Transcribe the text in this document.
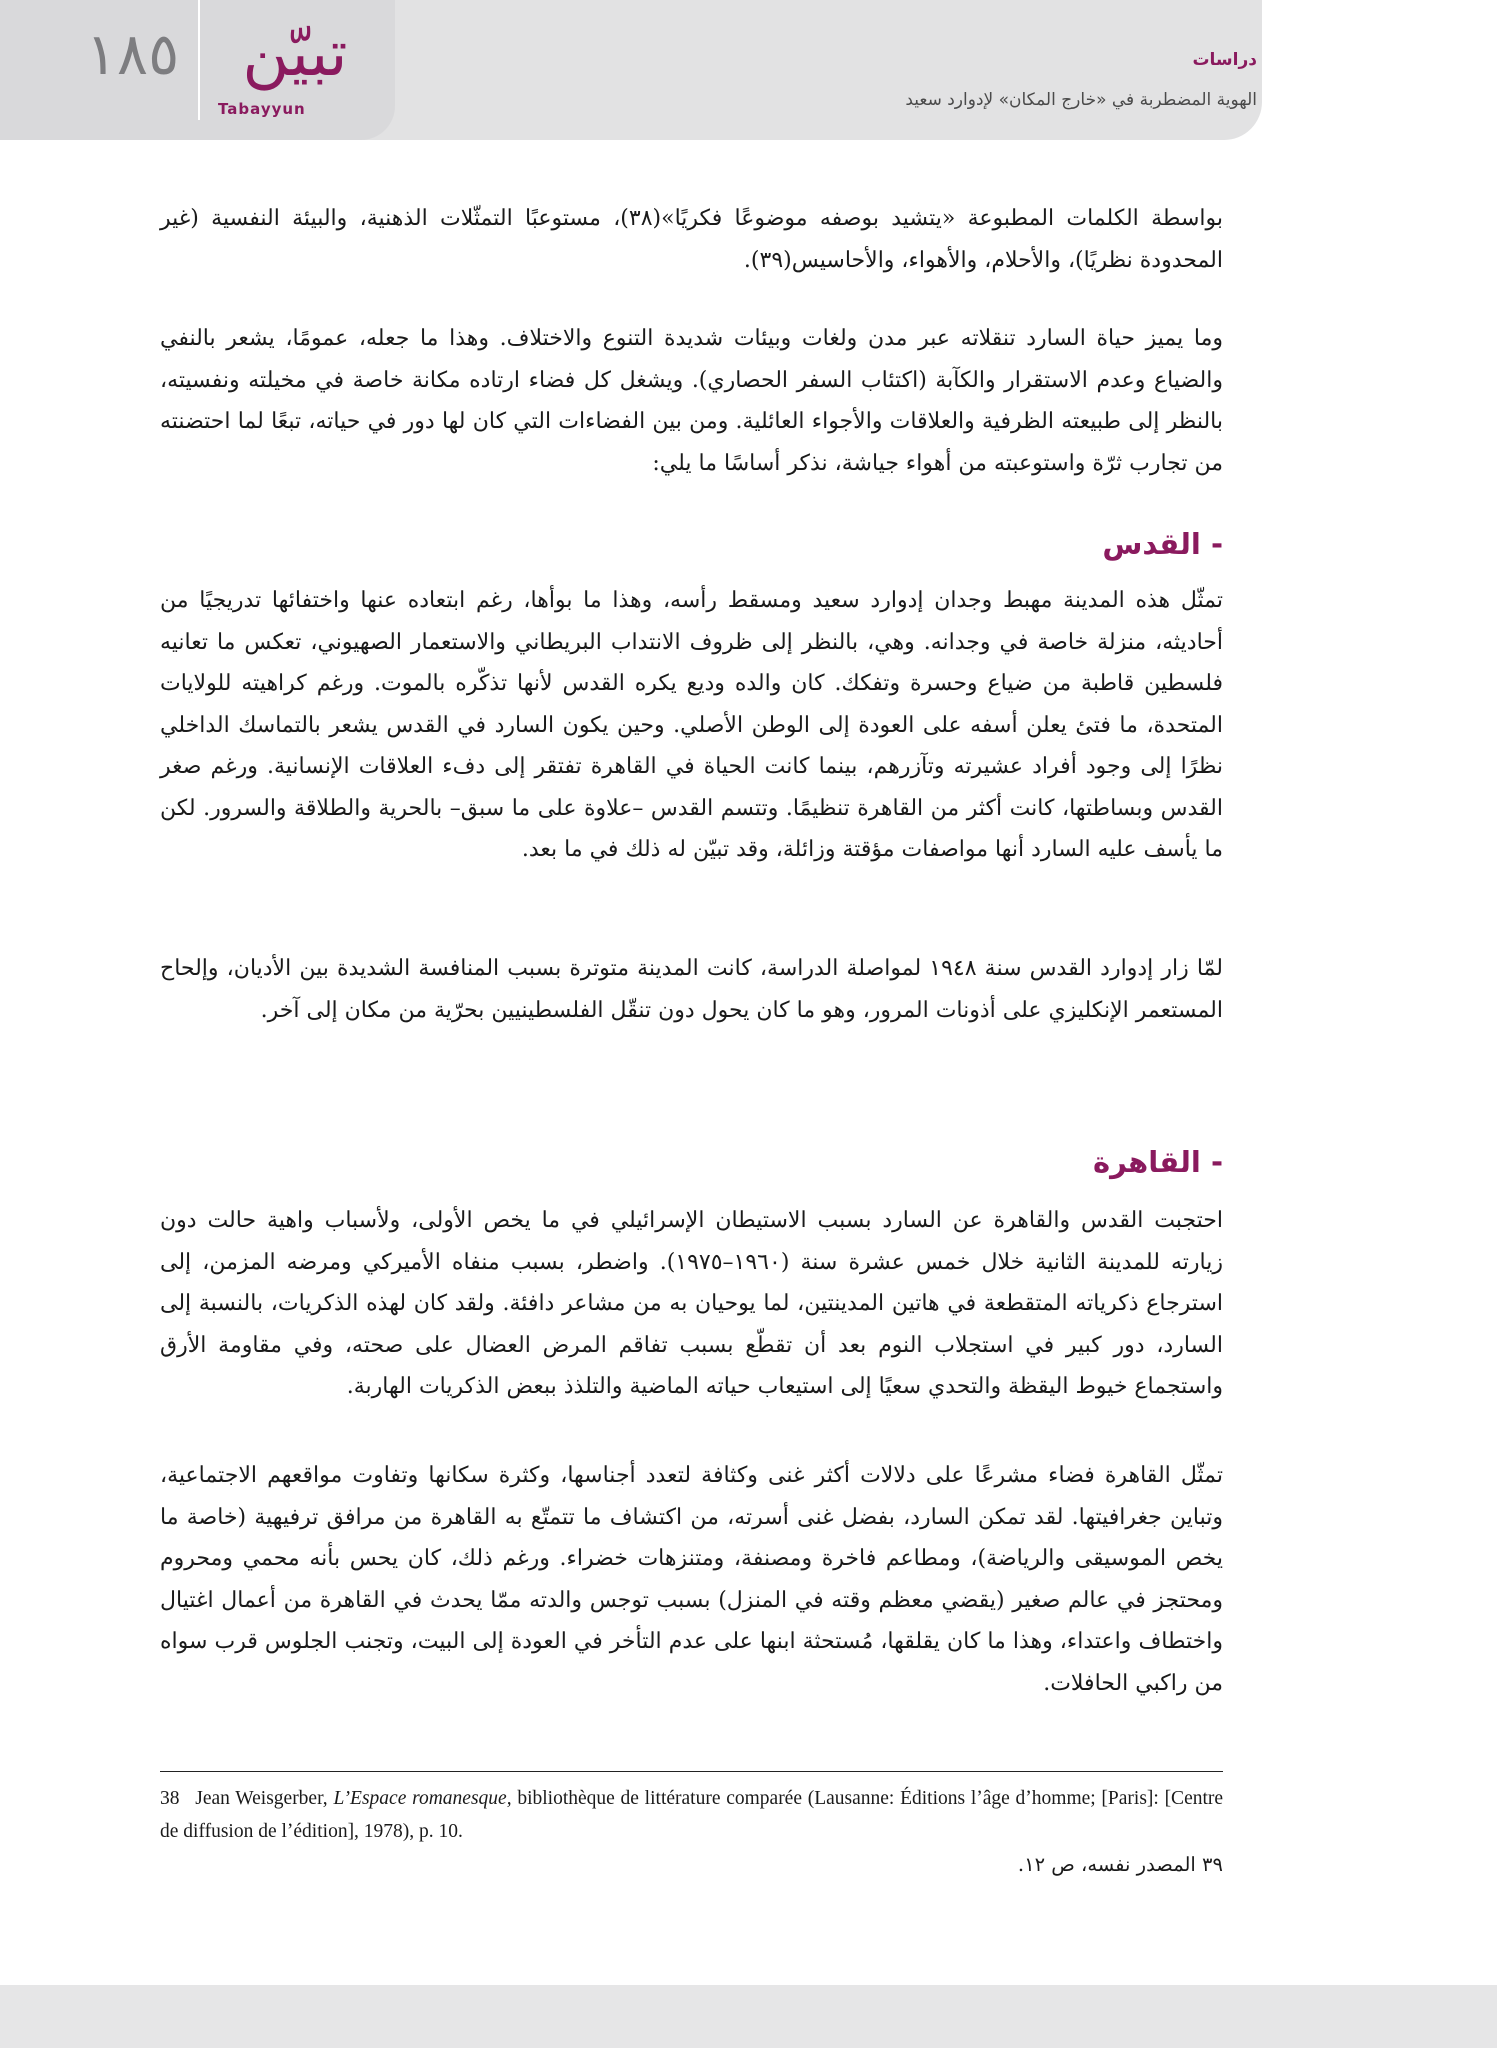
١٨٥ تبيّن
Tabayyun
دراسات
الهوية المضطربة في «خارج المكان» لإدوارد سعيد

بواسطة الكلمات المطبوعة «يتشيد بوصفه موضوعًا فكريًا»(٣٨)، مستوعبًا التمثّلات الذهنية، والبيئة النفسية (غير المحدودة نظريًا)، والأحلام، والأهواء، والأحاسيس(٣٩).

وما يميز حياة السارد تنقلاته عبر مدن ولغات وبيئات شديدة التنوع والاختلاف. وهذا ما جعله، عمومًا، يشعر بالنفي والضياع وعدم الاستقرار والكآبة (اكتئاب السفر الحصاري). ويشغل كل فضاء ارتاده مكانة خاصة في مخيلته ونفسيته، بالنظر إلى طبيعته الظرفية والعلاقات والأجواء العائلية. ومن بين الفضاءات التي كان لها دور في حياته، تبعًا لما احتضنته من تجارب ثرّة واستوعبته من أهواء جياشة، نذكر أساسًا ما يلي:

- القدس

تمثّل هذه المدينة مهبط وجدان إدوارد سعيد ومسقط رأسه، وهذا ما بوأها، رغم ابتعاده عنها واختفائها تدريجيًا من أحاديثه، منزلة خاصة في وجدانه. وهي، بالنظر إلى ظروف الانتداب البريطاني والاستعمار الصهيوني، تعكس ما تعانيه فلسطين قاطبة من ضياع وحسرة وتفكك. كان والده وديع يكره القدس لأنها تذكّره بالموت. ورغم كراهيته للولايات المتحدة، ما فتئ يعلن أسفه على العودة إلى الوطن الأصلي. وحين يكون السارد في القدس يشعر بالتماسك الداخلي نظرًا إلى وجود أفراد عشيرته وتآزرهم، بينما كانت الحياة في القاهرة تفتقر إلى دفء العلاقات الإنسانية. ورغم صغر القدس وبساطتها، كانت أكثر من القاهرة تنظيمًا. وتتسم القدس –علاوة على ما سبق– بالحرية والطلاقة والسرور. لكن ما يأسف عليه السارد أنها مواصفات مؤقتة وزائلة، وقد تبيّن له ذلك في ما بعد.

لمّا زار إدوارد القدس سنة ١٩٤٨ لمواصلة الدراسة، كانت المدينة متوترة بسبب المنافسة الشديدة بين الأديان، وإلحاح المستعمر الإنكليزي على أذونات المرور، وهو ما كان يحول دون تنقّل الفلسطينيين بحرّية من مكان إلى آخر.

- القاهرة

احتجبت القدس والقاهرة عن السارد بسبب الاستيطان الإسرائيلي في ما يخص الأولى، ولأسباب واهية حالت دون زيارته للمدينة الثانية خلال خمس عشرة سنة (١٩٦٠–١٩٧٥). واضطر، بسبب منفاه الأميركي ومرضه المزمن، إلى استرجاع ذكرياته المتقطعة في هاتين المدينتين، لما يوحيان به من مشاعر دافئة. ولقد كان لهذه الذكريات، بالنسبة إلى السارد، دور كبير في استجلاب النوم بعد أن تقطّع بسبب تفاقم المرض العضال على صحته، وفي مقاومة الأرق واستجماع خيوط اليقظة والتحدي سعيًا إلى استيعاب حياته الماضية والتلذذ ببعض الذكريات الهاربة.

تمثّل القاهرة فضاء مشرعًا على دلالات أكثر غنى وكثافة لتعدد أجناسها، وكثرة سكانها وتفاوت مواقعهم الاجتماعية، وتباين جغرافيتها. لقد تمكن السارد، بفضل غنى أسرته، من اكتشاف ما تتمتّع به القاهرة من مرافق ترفيهية (خاصة ما يخص الموسيقى والرياضة)، ومطاعم فاخرة ومصنفة، ومتنزهات خضراء. ورغم ذلك، كان يحس بأنه محمي ومحروم ومحتجز في عالم صغير (يقضي معظم وقته في المنزل) بسبب توجس والدته ممّا يحدث في القاهرة من أعمال اغتيال واختطاف واعتداء، وهذا ما كان يقلقها، مُستحثة ابنها على عدم التأخر في العودة إلى البيت، وتجنب الجلوس قرب سواه من راكبي الحافلات.

38 Jean Weisgerber, L’Espace romanesque, bibliothèque de littérature comparée (Lausanne: Éditions lʼâge dʼhomme; [Paris]: [Centre de diffusion de lʼédition], 1978), p. 10.
٣٩ المصدر نفسه، ص ١٢.
